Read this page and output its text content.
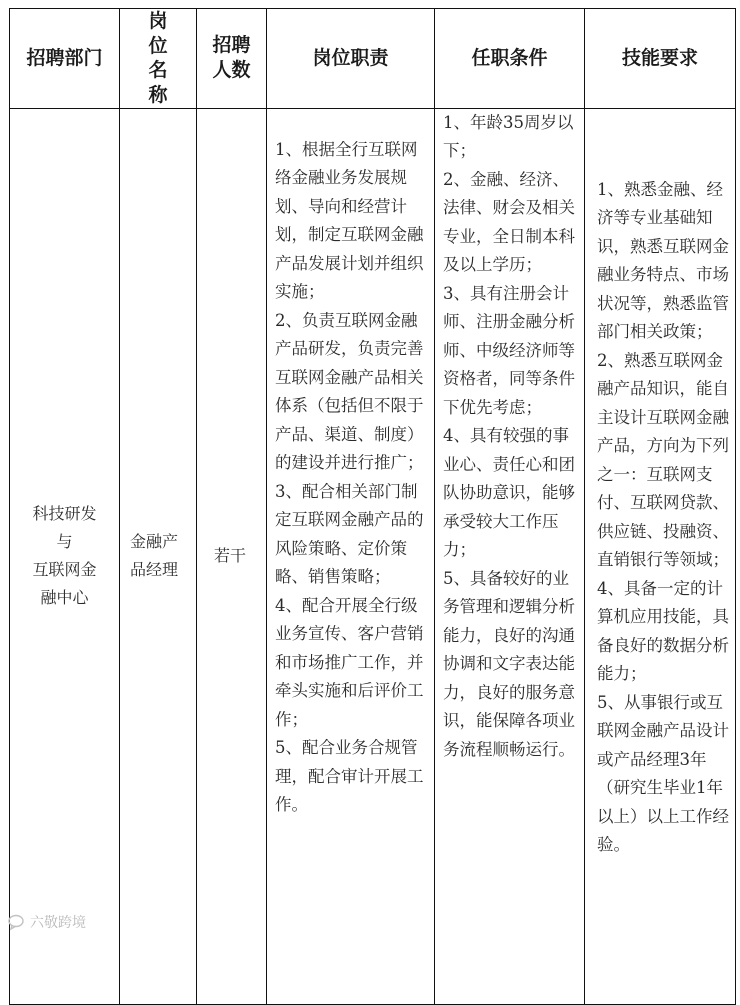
招聘部门	岗
位　名
称	招聘
人数	岗位职责	任职条件	技能要求

科技研发
与
互联网金
融中心	金融产
品经理	若干	1、根据全行互联网络金融业务发展规划、导向和经营计划，制定互联网金融产品发展计划并组织实施；
2、负责互联网金融产品研发，负责完善互联网金融产品相关体系（包括但不限于产品、渠道、制度）的建设并进行推广；
3、配合相关部门制定互联网金融产品的风险策略、定价策略、销售策略；
4、配合开展全行级业务宣传、客户营销和市场推广工作，并牵头实施和后评价工作；
5、配合业务合规管理，配合审计开展工作。	1、年龄35周岁以下；
2、金融、经济、法律、财会及相关专业，全日制本科及以上学历；
3、具有注册会计师、注册金融分析师、中级经济师等资格者，同等条件下优先考虑；
4、具有较强的事业心、责任心和团队协助意识，能够承受较大工作压力；
5、具备较好的业务管理和逻辑分析能力，良好的沟通协调和文字表达能力，良好的服务意识，能保障各项业务流程顺畅运行。	1、熟悉金融、经济等专业基础知识，熟悉互联网金融业务特点、市场状况等，熟悉监管部门相关政策；
2、熟悉互联网金融产品知识，能自主设计互联网金融产品，方向为下列之一：互联网支付、互联网贷款、供应链、投融资、直销银行等领域；
4、具备一定的计算机应用技能，具备良好的数据分析能力；
5、从事银行或互联网金融产品设计或产品经理3年（研究生毕业1年以上）以上工作经验。
六敬跨境
